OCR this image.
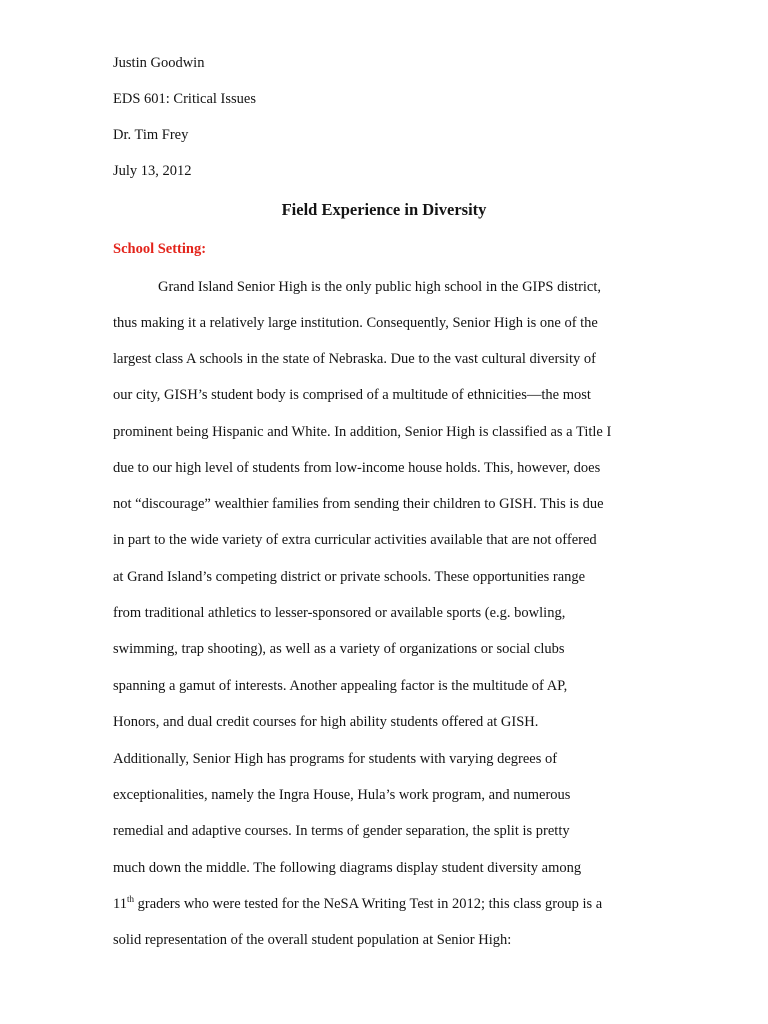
Justin Goodwin
EDS 601: Critical Issues
Dr. Tim Frey
July 13, 2012
Field Experience in Diversity
School Setting:
Grand Island Senior High is the only public high school in the GIPS district,
thus making it a relatively large institution. Consequently, Senior High is one of the
largest class A schools in the state of Nebraska. Due to the vast cultural diversity of
our city, GISH’s student body is comprised of a multitude of ethnicities—the most
prominent being Hispanic and White. In addition, Senior High is classified as a Title I
due to our high level of students from low-income house holds. This, however, does
not “discourage” wealthier families from sending their children to GISH. This is due
in part to the wide variety of extra curricular activities available that are not offered
at Grand Island’s competing district or private schools. These opportunities range
from traditional athletics to lesser-sponsored or available sports (e.g. bowling,
swimming, trap shooting), as well as a variety of organizations or social clubs
spanning a gamut of interests. Another appealing factor is the multitude of AP,
Honors, and dual credit courses for high ability students offered at GISH.
Additionally, Senior High has programs for students with varying degrees of
exceptionalities, namely the Ingra House, Hula’s work program, and numerous
remedial and adaptive courses. In terms of gender separation, the split is pretty
much down the middle. The following diagrams display student diversity among
11th graders who were tested for the NeSA Writing Test in 2012; this class group is a
solid representation of the overall student population at Senior High:
